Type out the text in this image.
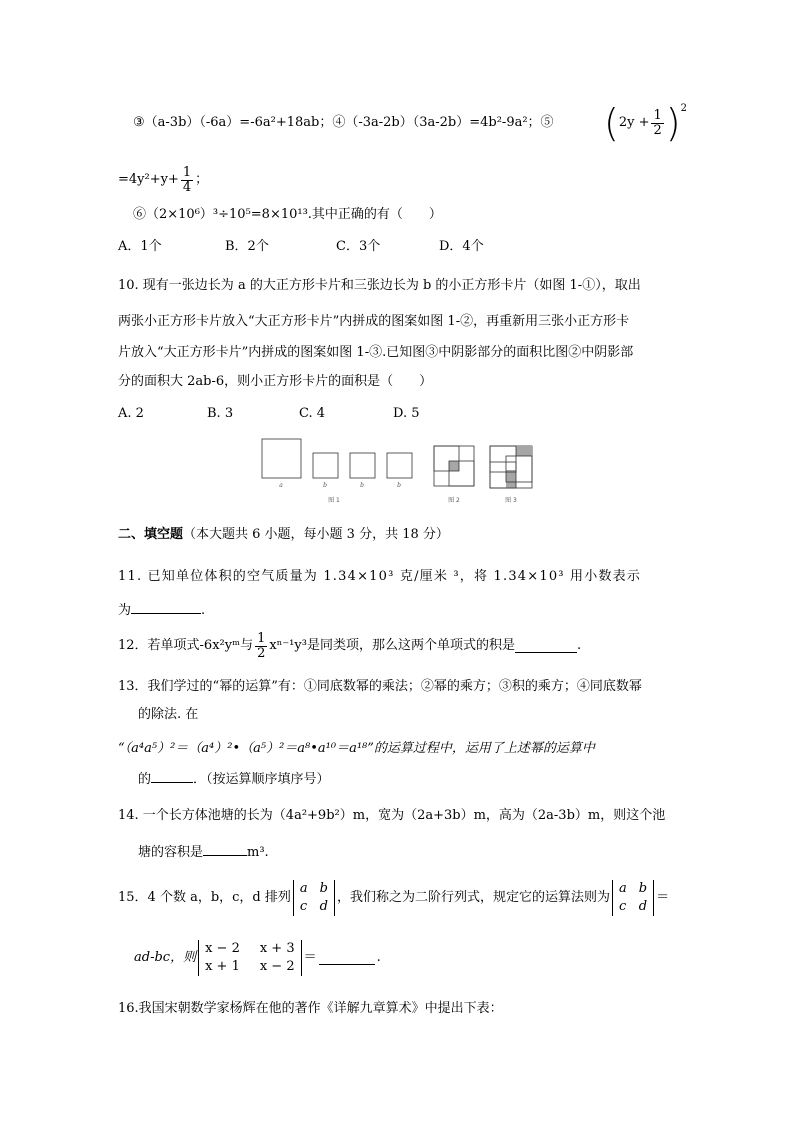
③（a-3b）（-6a）=-6a²+18ab；④（-3a-2b）（3a-2b）=4b²-9a²；⑤ ( $2y + \frac{1}{2}$ ) 2
$=4y^2+y+ \frac{1}{4}$ ；
⑥（2×10⁶）³÷10⁵=8×10¹³.其中正确的有（　　）
A．1个	B．2个	C．3个	D．4个
10. 现有一张边长为 a 的大正方形卡片和三张边长为 b 的小正方形卡片（如图 1-①），取出
两张小正方形卡片放入“大正方形卡片”内拼成的图案如图 1-②，再重新用三张小正方形卡
片放入“大正方形卡片”内拼成的图案如图 1-③.已知图③中阴影部分的面积比图②中阴影部
分的面积大 2ab-6，则小正方形卡片的面积是（　　）
A. 2	B. 3	C. 4	D. 5
a	b	b	b
图 1	图 2	图 3
二、填空题（本大题共 6 小题，每小题 3 分，共 18 分）
11. 已知单位体积的空气质量为 1.34×10³ 克/厘米 ³，将 1.34×10³ 用小数表示
为	.
12．若单项式-6x²yᵐ与 $\frac{1}{2} x^{n-1}y^3$是同类项，那么这两个单项式的积是	.
13．我们学过的“幂的运算”有：①同底数幂的乘法；②幂的乘方；③积的乘方；④同底数幂
的除法. 在
“（a⁴a⁵）²＝（a⁴）²•（a⁵）²＝a⁸•a¹⁰＝a¹⁸”的运算过程中，运用了上述幂的运算中
的	．（按运算顺序填序号）
14. 一个长方体池塘的长为（4a²+9b²）m，宽为（2a+3b）m，高为（2a-3b）m，则这个池
塘的容积是	m³.
15．4 个数 a，b，c，d 排列
a b
c d
，我们称之为二阶行列式，规定它的运算法则为
a b
c d
＝
ad-bc，则
x − 2 x + 3
x + 1 x − 2
＝	.
16.我国宋朝数学家杨辉在他的著作《详解九章算术》中提出下表：
